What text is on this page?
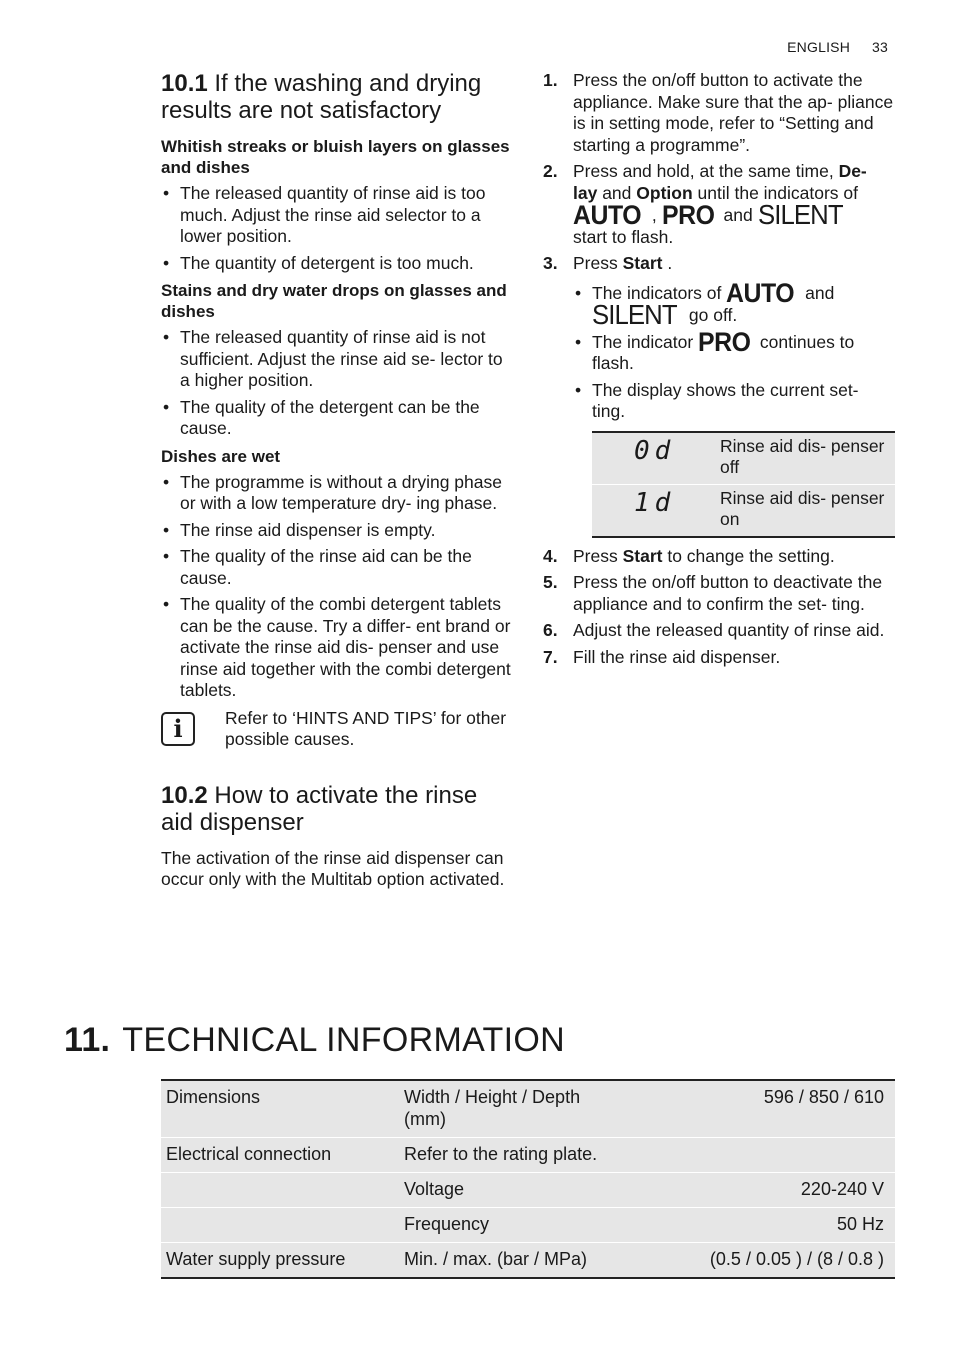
ENGLISH 33
10.1 If the washing and drying results are not satisfactory
Whitish streaks or bluish layers on glasses and dishes
• The released quantity of rinse aid is too much. Adjust the rinse aid selector to a lower position.
• The quantity of detergent is too much.
Stains and dry water drops on glasses and dishes
• The released quantity of rinse aid is not sufficient. Adjust the rinse aid se- lector to a higher position.
• The quality of the detergent can be the cause.
Dishes are wet
• The programme is without a drying phase or with a low temperature dry- ing phase.
• The rinse aid dispenser is empty.
• The quality of the rinse aid can be the cause.
• The quality of the combi detergent tablets can be the cause. Try a differ- ent brand or activate the rinse aid dis- penser and use rinse aid together with the combi detergent tablets.
i	Refer to ‘HINTS AND TIPS’ for other possible causes.

10.2 How to activate the rinse aid dispenser

The activation of the rinse aid dispenser can occur only with the Multitab option activated.

1. Press the on/off button to activate the appliance. Make sure that the ap- pliance is in setting mode, refer to “Setting and starting a programme”.
2. Press and hold, at the same time, De- lay and Option until the indicators of
AUTO , PRO and SILENT
start to flash.
3. Press Start .
• The indicators of AUTO and
SILENT go off.
• The indicator PRO continues to flash.
• The display shows the current set- ting.
0d	Rinse aid dis- penser off
1d	Rinse aid dis- penser on
4. Press Start to change the setting.
5. Press the on/off button to deactivate the appliance and to confirm the set- ting.
6. Adjust the released quantity of rinse aid.
7. Fill the rinse aid dispenser.
11. TECHNICAL INFORMATION
Dimensions	Width / Height / Depth (mm)	596 / 850 / 610
Electrical connection	Refer to the rating plate.	
	Voltage	220-240 V
	Frequency	50 Hz
Water supply pressure	Min. / max. (bar / MPa)	(0.5 / 0.05 ) / (8 / 0.8 )
